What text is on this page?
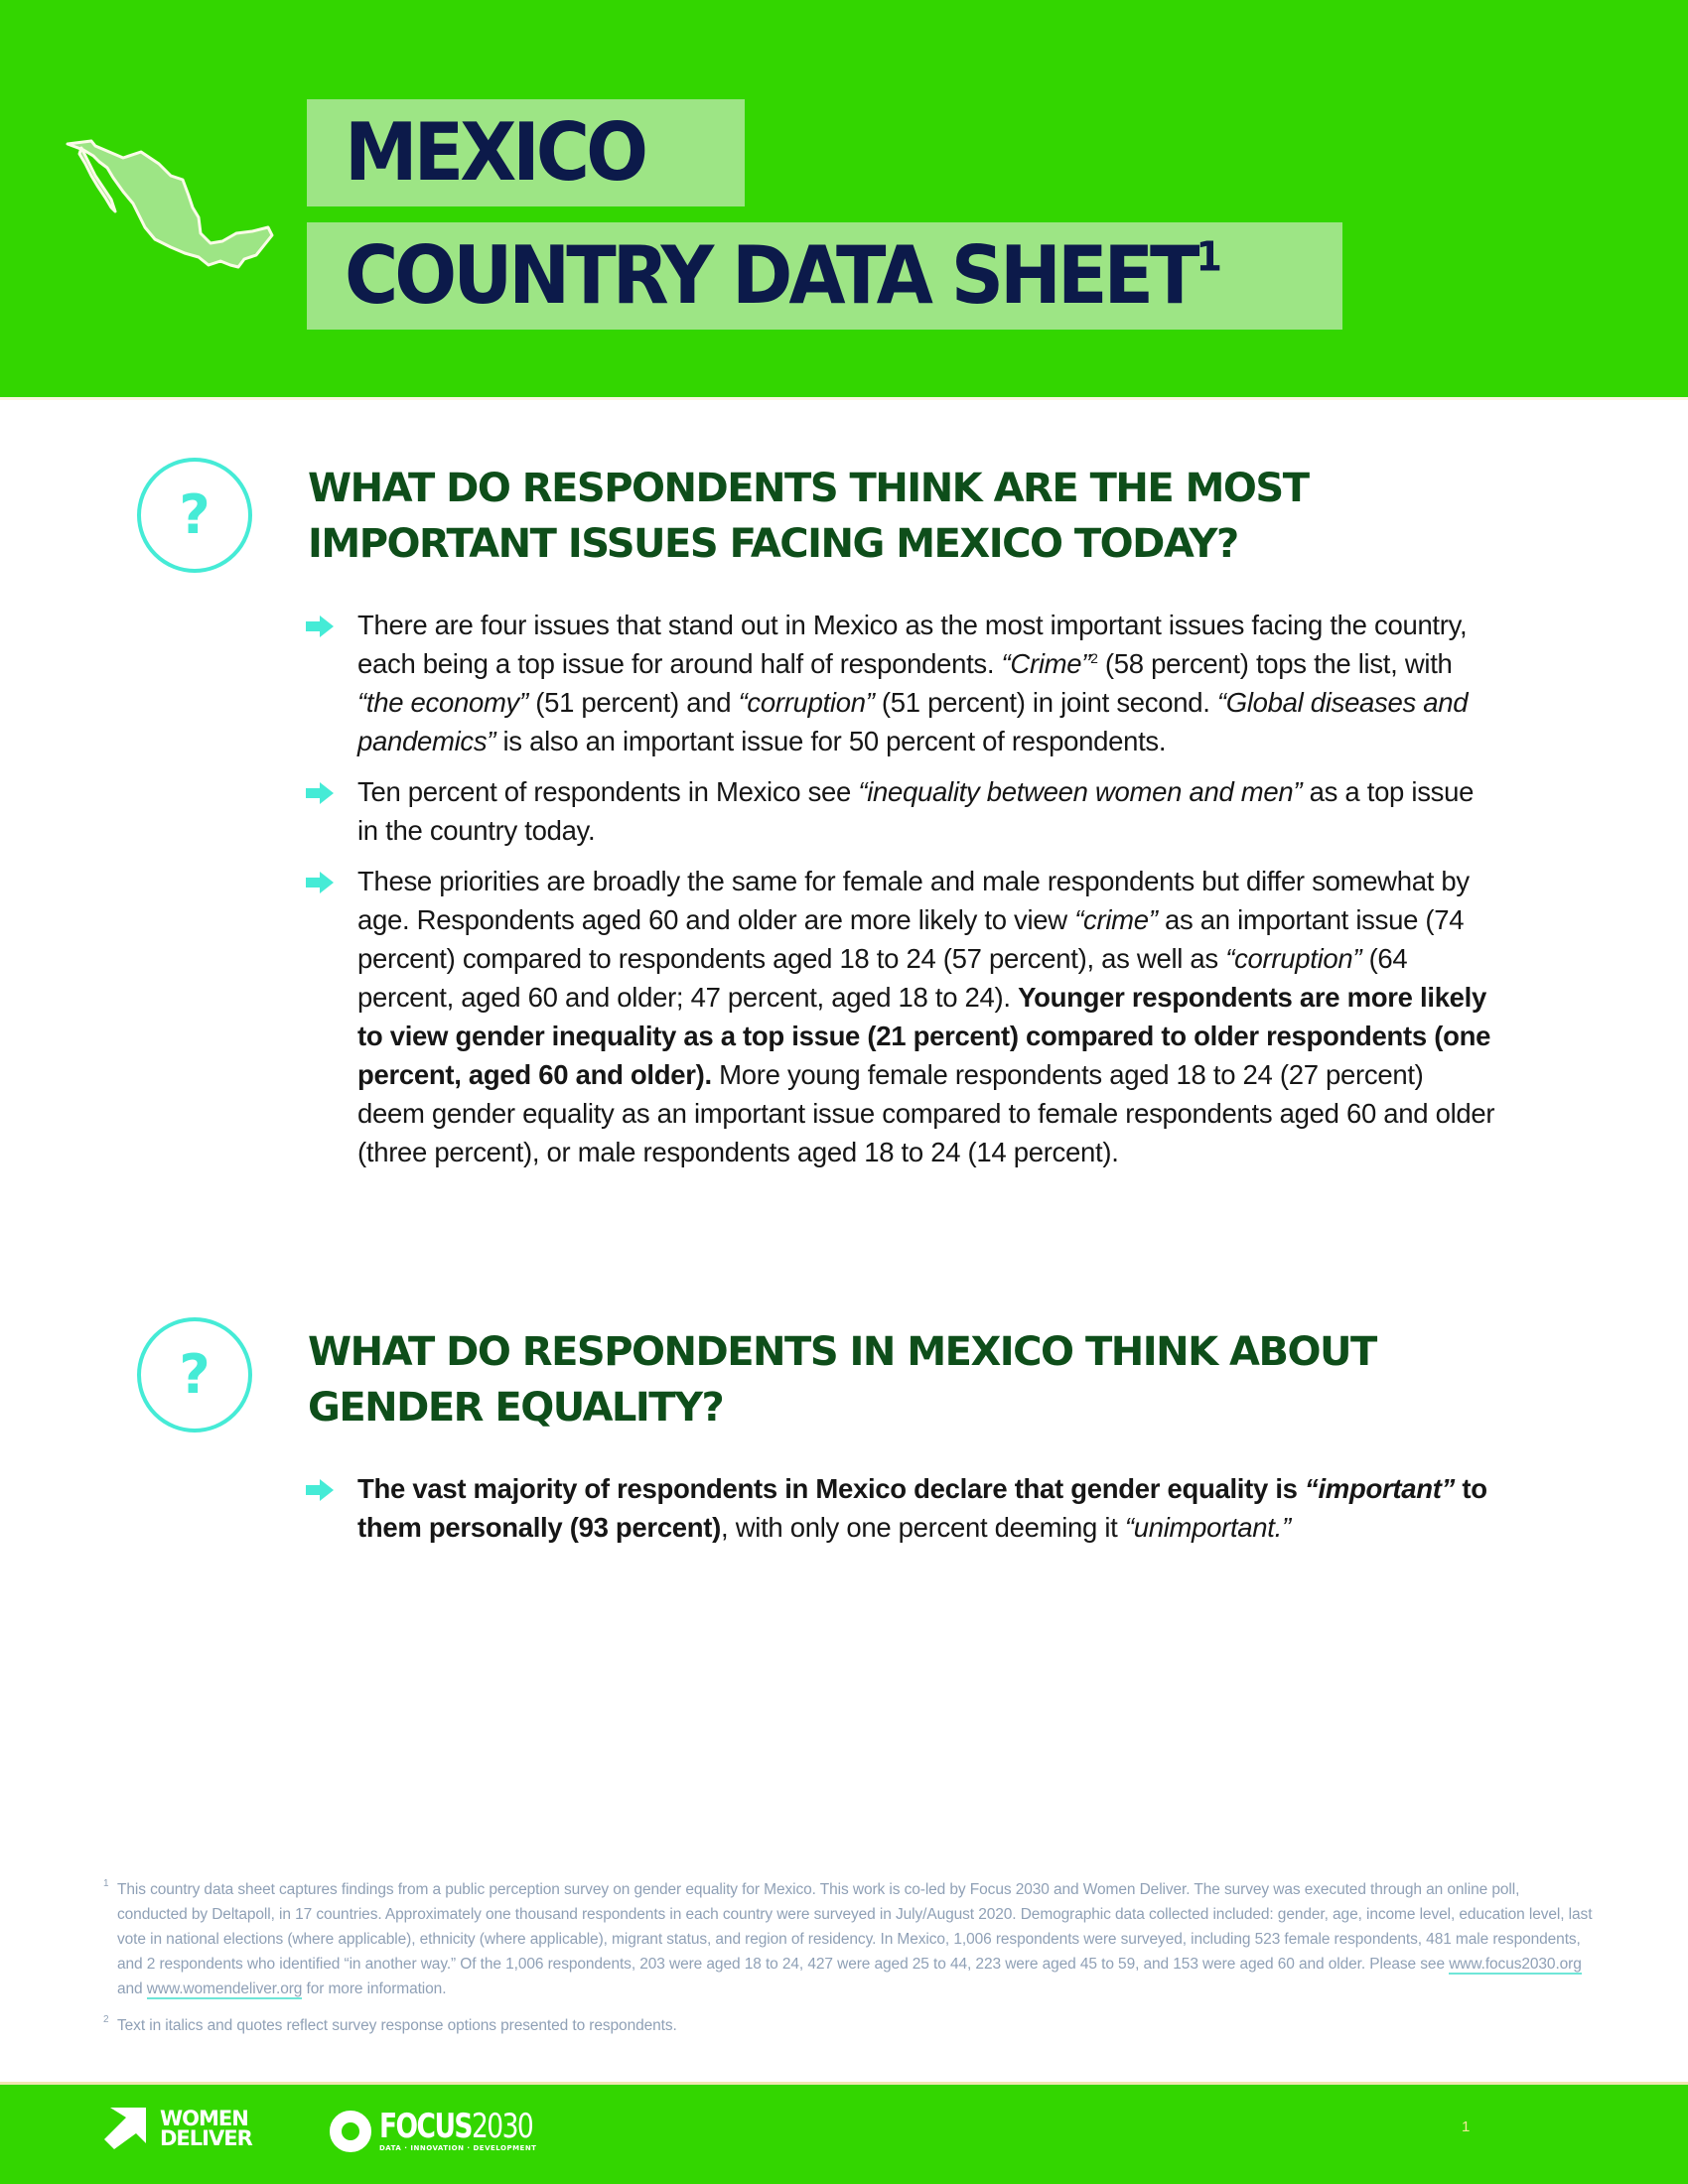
MEXICO
COUNTRY DATA SHEET$^1$
? WHAT DO RESPONDENTS THINK ARE THE MOST
IMPORTANT ISSUES FACING MEXICO TODAY?
There are four issues that stand out in Mexico as the most important issues facing the country, each being a top issue for around half of respondents. “Crime”$^2$ (58 percent) tops the list, with “the economy” (51 percent) and “corruption” (51 percent) in joint second. “Global diseases and pandemics” is also an important issue for 50 percent of respondents.
Ten percent of respondents in Mexico see “inequality between women and men” as a top issue in the country today.
These priorities are broadly the same for female and male respondents but differ somewhat by age. Respondents aged 60 and older are more likely to view “crime” as an important issue (74 percent) compared to respondents aged 18 to 24 (57 percent), as well as “corruption” (64 percent, aged 60 and older; 47 percent, aged 18 to 24). Younger respondents are more likely to view gender inequality as a top issue (21 percent) compared to older respondents (one percent, aged 60 and older). More young female respondents aged 18 to 24 (27 percent) deem gender equality as an important issue compared to female respondents aged 60 and older (three percent), or male respondents aged 18 to 24 (14 percent).
? WHAT DO RESPONDENTS IN MEXICO THINK ABOUT
GENDER EQUALITY?
The vast majority of respondents in Mexico declare that gender equality is “important” to them personally (93 percent), with only one percent deeming it “unimportant.”
1 This country data sheet captures findings from a public perception survey on gender equality for Mexico. This work is co-led by Focus 2030 and Women Deliver. The survey was executed through an online poll, conducted by Deltapoll, in 17 countries. Approximately one thousand respondents in each country were surveyed in July/August 2020. Demographic data collected included: gender, age, income level, education level, last vote in national elections (where applicable), ethnicity (where applicable), migrant status, and region of residency. In Mexico, 1,006 respondents were surveyed, including 523 female respondents, 481 male respondents, and 2 respondents who identified “in another way.” Of the 1,006 respondents, 203 were aged 18 to 24, 427 were aged 25 to 44, 223 were aged 45 to 59, and 153 were aged 60 and older. Please see www.focus2030.org and www.womendeliver.org for more information.
2 Text in italics and quotes reflect survey response options presented to respondents.
WOMEN
DELIVER	FOCUS2030
DATA · INNOVATION · DEVELOPMENT
1
